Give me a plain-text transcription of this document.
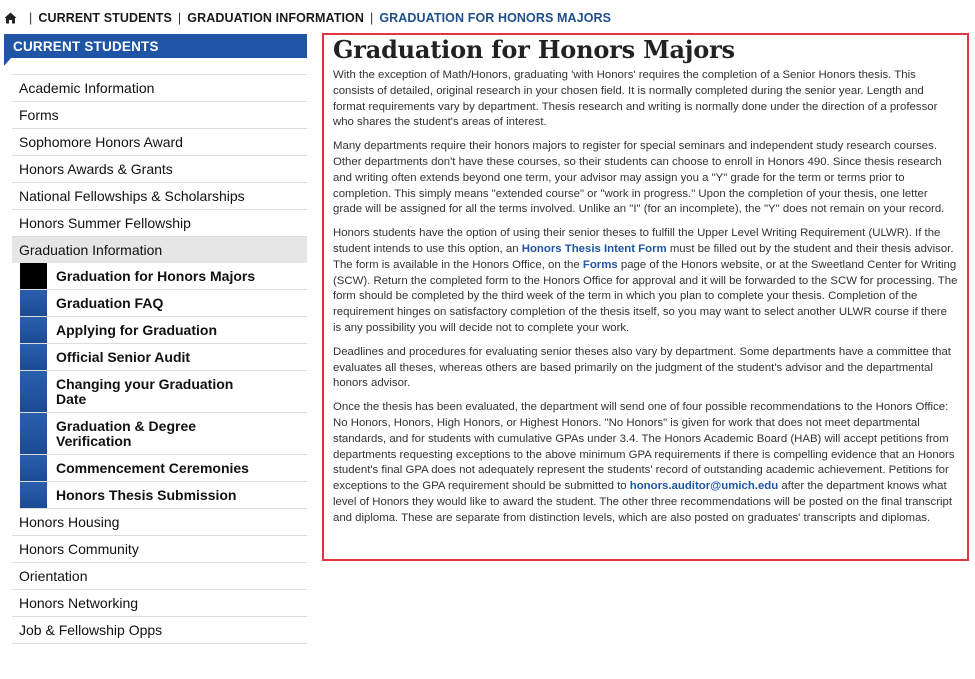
| CURRENT STUDENTS | GRADUATION INFORMATION | GRADUATION FOR HONORS MAJORS
CURRENT STUDENTS
Academic Information
Forms
Sophomore Honors Award
Honors Awards & Grants
National Fellowships & Scholarships
Honors Summer Fellowship
Graduation Information
Graduation for Honors Majors
Graduation FAQ
Applying for Graduation
Official Senior Audit
Changing your Graduation Date
Graduation & Degree Verification
Commencement Ceremonies
Honors Thesis Submission
Honors Housing
Honors Community
Orientation
Honors Networking
Job & Fellowship Opps
Graduation for Honors Majors

With the exception of Math/Honors, graduating 'with Honors' requires the completion of a Senior Honors thesis. This consists of detailed, original research in your chosen field. It is normally completed during the senior year. Length and format requirements vary by department. Thesis research and writing is normally done under the direction of a professor who shares the student's areas of interest.

Many departments require their honors majors to register for special seminars and independent study research courses. Other departments don't have these courses, so their students can choose to enroll in Honors 490. Since thesis research and writing often extends beyond one term, your advisor may assign you a "Y" grade for the term or terms prior to completion. This simply means "extended course" or "work in progress." Upon the completion of your thesis, one letter grade will be assigned for all the terms involved. Unlike an "I" (for an incomplete), the "Y" does not remain on your record.

Honors students have the option of using their senior theses to fulfill the Upper Level Writing Requirement (ULWR). If the student intends to use this option, an Honors Thesis Intent Form must be filled out by the student and their thesis advisor. The form is available in the Honors Office, on the Forms page of the Honors website, or at the Sweetland Center for Writing (SCW). Return the completed form to the Honors Office for approval and it will be forwarded to the SCW for processing. The form should be completed by the third week of the term in which you plan to complete your thesis. Completion of the requirement hinges on satisfactory completion of the thesis itself, so you may want to select another ULWR course if there is any possibility you will decide not to complete your work.

Deadlines and procedures for evaluating senior theses also vary by department. Some departments have a committee that evaluates all theses, whereas others are based primarily on the judgment of the student's advisor and the departmental honors advisor.

Once the thesis has been evaluated, the department will send one of four possible recommendations to the Honors Office: No Honors, Honors, High Honors, or Highest Honors. "No Honors" is given for work that does not meet departmental standards, and for students with cumulative GPAs under 3.4. The Honors Academic Board (HAB) will accept petitions from departments requesting exceptions to the above minimum GPA requirements if there is compelling evidence that an Honors student's final GPA does not adequately represent the students' record of outstanding academic achievement. Petitions for exceptions to the GPA requirement should be submitted to honors.auditor@umich.edu after the department knows what level of Honors they would like to award the student. The other three recommendations will be posted on the final transcript and diploma. These are separate from distinction levels, which are also posted on graduates' transcripts and diplomas.
